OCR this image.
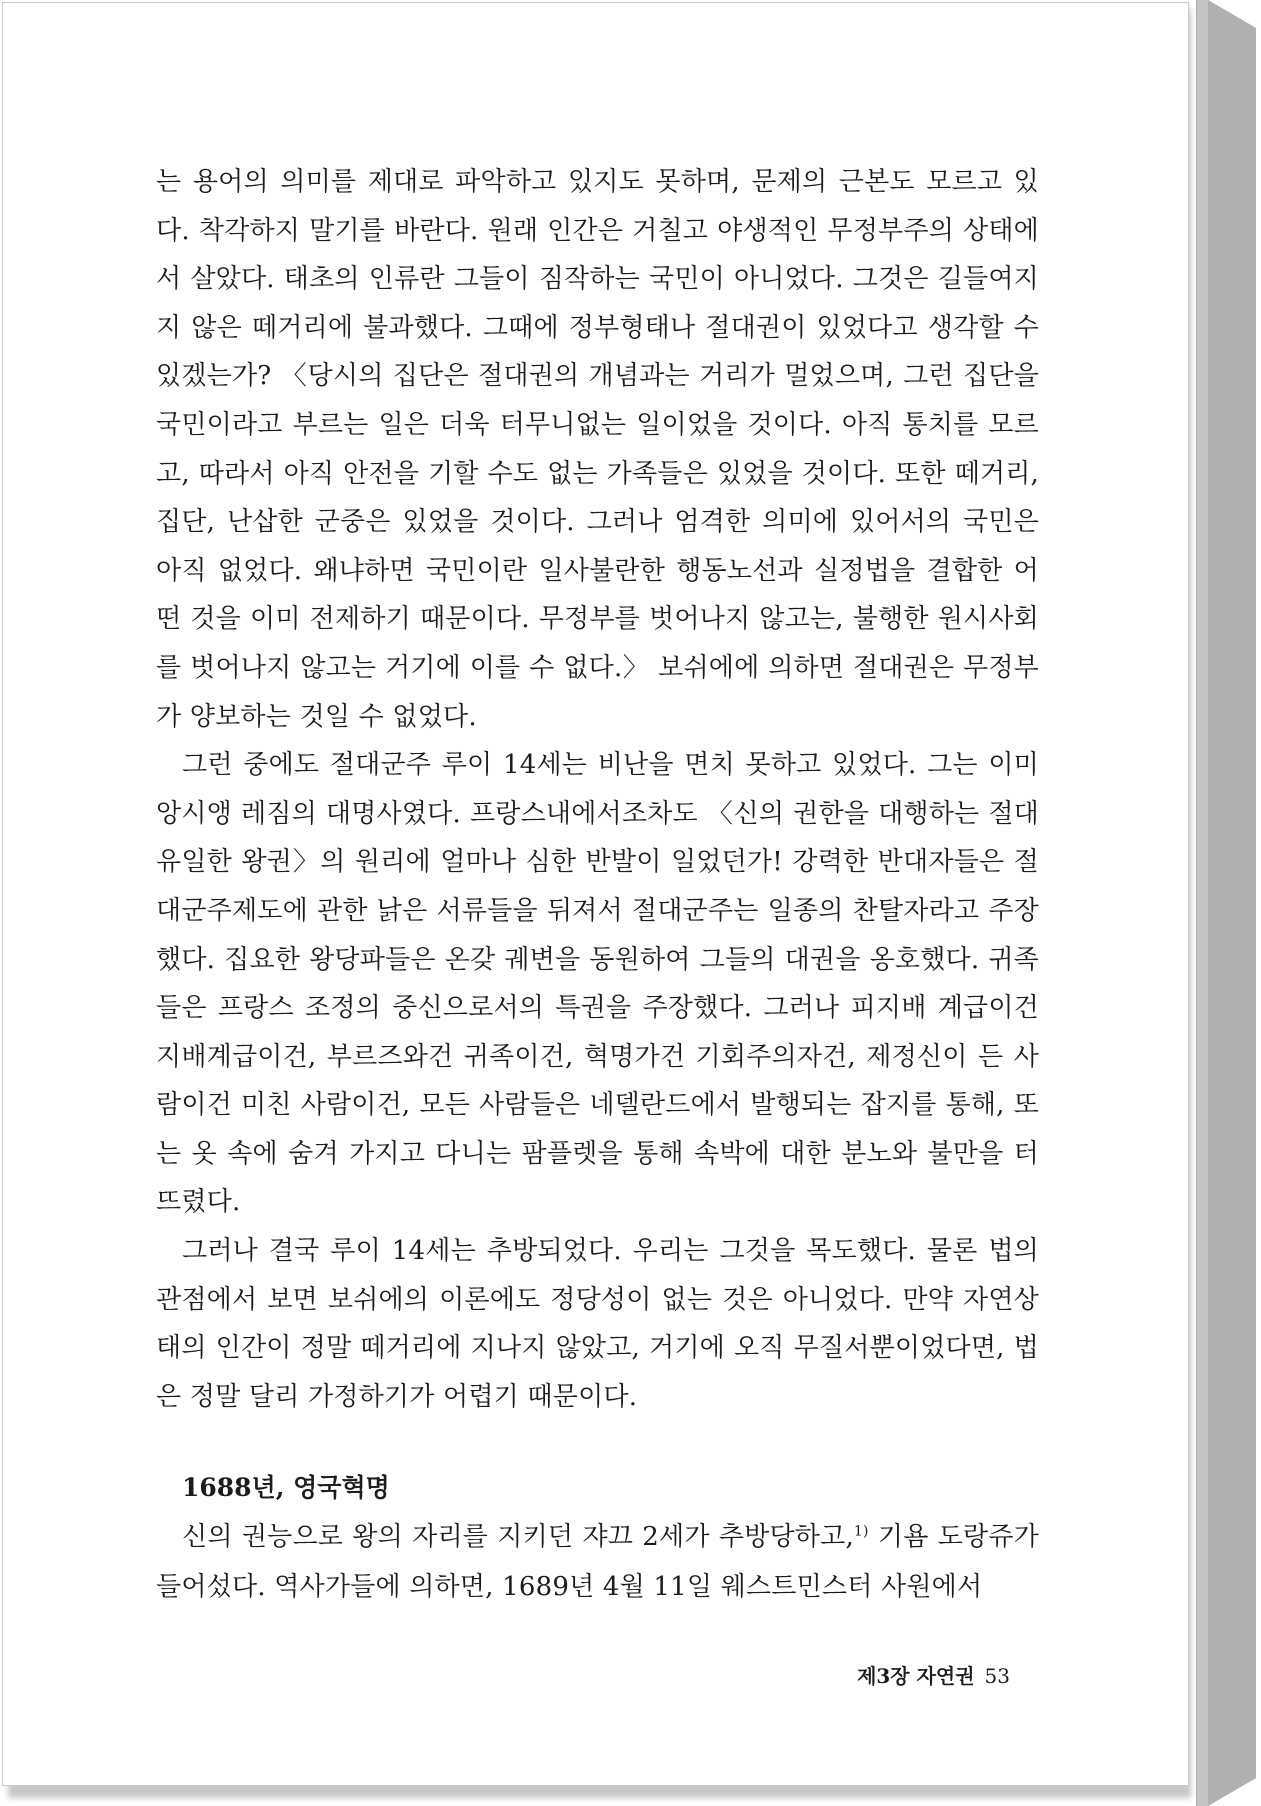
는 용어의 의미를 제대로 파악하고 있지도 못하며, 문제의 근본도 모르고 있다. 착각하지 말기를 바란다. 원래 인간은 거칠고 야생적인 무정부주의 상태에서 살았다. 태초의 인류란 그들이 짐작하는 국민이 아니었다. 그것은 길들여지지 않은 떼거리에 불과했다. 그때에 정부형태나 절대권이 있었다고 생각할 수 있겠는가? 〈당시의 집단은 절대권의 개념과는 거리가 멀었으며, 그런 집단을 국민이라고 부르는 일은 더욱 터무니없는 일이었을 것이다. 아직 통치를 모르고, 따라서 아직 안전을 기할 수도 없는 가족들은 있었을 것이다. 또한 떼거리, 집단, 난삽한 군중은 있었을 것이다. 그러나 엄격한 의미에 있어서의 국민은 아직 없었다. 왜냐하면 국민이란 일사불란한 행동노선과 실정법을 결합한 어떤 것을 이미 전제하기 때문이다. 무정부를 벗어나지 않고는, 불행한 원시사회를 벗어나지 않고는 거기에 이를 수 없다.〉 보쉬에에 의하면 절대권은 무정부가 양보하는 것일 수 없었다.

그런 중에도 절대군주 루이 14세는 비난을 면치 못하고 있었다. 그는 이미 앙시앵 레짐의 대명사였다. 프랑스내에서조차도 〈신의 권한을 대행하는 절대 유일한 왕권〉의 원리에 얼마나 심한 반발이 일었던가! 강력한 반대자들은 절대군주제도에 관한 낡은 서류들을 뒤져서 절대군주는 일종의 찬탈자라고 주장했다. 집요한 왕당파들은 온갖 궤변을 동원하여 그들의 대권을 옹호했다. 귀족들은 프랑스 조정의 중신으로서의 특권을 주장했다. 그러나 피지배 계급이건 지배계급이건, 부르즈와건 귀족이건, 혁명가건 기회주의자건, 제정신이 든 사람이건 미친 사람이건, 모든 사람들은 네델란드에서 발행되는 잡지를 통해, 또는 옷 속에 숨겨 가지고 다니는 팜플렛을 통해 속박에 대한 분노와 불만을 터뜨렸다.

그러나 결국 루이 14세는 추방되었다. 우리는 그것을 목도했다. 물론 법의 관점에서 보면 보쉬에의 이론에도 정당성이 없는 것은 아니었다. 만약 자연상태의 인간이 정말 떼거리에 지나지 않았고, 거기에 오직 무질서뿐이었다면, 법은 정말 달리 가정하기가 어렵기 때문이다.

1688년, 영국혁명
신의 권능으로 왕의 자리를 지키던 쟈끄 2세가 추방당하고,$^{1)}$ 기욤 도랑쥬가 들어섰다. 역사가들에 의하면, 1689년 4월 11일 웨스트민스터 사원에서
제3장 자연권 53
